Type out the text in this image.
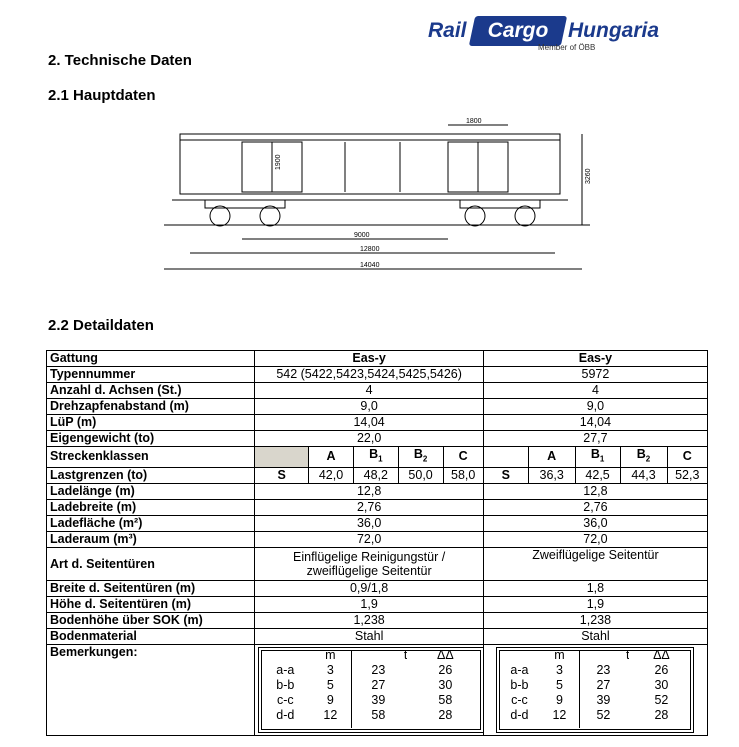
Rail	Cargo Hungaria
Member of ÖBB
2. Technische Daten
2.1 Hauptdaten
1800
1900
3260
9000
12800
14040
2.2 Detaildaten
Gattung	Eas-y	Eas-y
Typennummer	542 (5422,5423,5424,5425,5426)	5972
Anzahl d. Achsen (St.)	4	4
Drehzapfenabstand (m)	9,0	9,0
LüP (m)	14,04	14,04
Eigengewicht (to)	22,0	27,7
Streckenklassen		A	$B_1$	$B_2$	C		A	$B_1$	$B_2$	C
Lastgrenzen (to)	S	42,0	48,2	50,0	58,0	S	36,3	42,5	44,3	52,3
Ladelänge (m)	12,8	12,8
Ladebreite (m)	2,76	2,76
Ladefläche (m²)	36,0	36,0
Laderaum (m³)	72,0	72,0
Art d. Seitentüren	Einflügelige Reinigungstür / zweiflügelige Seitentür	Zweiflügelige Seitentür
Breite d. Seitentüren (m)	0,9/1,8	1,8
Höhe d. Seitentüren (m)	1,9	1,9
Bodenhöhe über SOK (m)	1,238	1,238
Bodenmaterial	Stahl	Stahl
Bemerkungen:	
		m	t	ΔΔ
a-a	3	23	26
b-b	5	27	30
c-c	9	39	58
d-d	12	58	28

	m	t	ΔΔ
a-a	3	23	26
b-b	5	27	30
c-c	9	39	52
d-d	12	52	28
